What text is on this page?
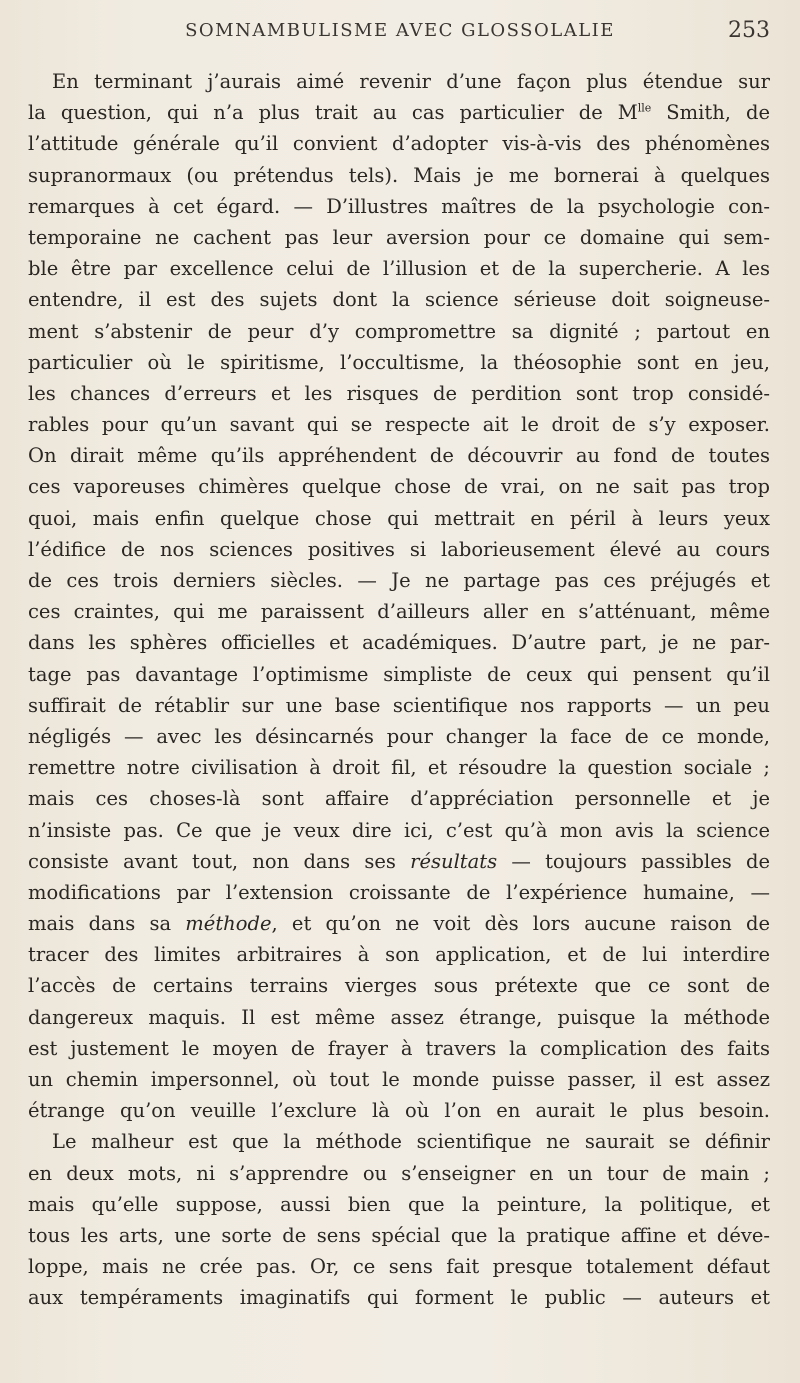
SOMNAMBULISME AVEC GLOSSOLALIE	253
En terminant j’aurais aimé revenir d’une façon plus étendue sur
la question, qui n’a plus trait au cas particulier de $M^{lle}$ Smith, de
l’attitude générale qu’il convient d’adopter vis-à-vis des phénomènes
supranormaux (ou prétendus tels). Mais je me bornerai à quelques
remarques à cet égard. — D’illustres maîtres de la psychologie con-
temporaine ne cachent pas leur aversion pour ce domaine qui sem-
ble être par excellence celui de l’illusion et de la supercherie. A les
entendre, il est des sujets dont la science sérieuse doit soigneuse-
ment s’abstenir de peur d’y compromettre sa dignité ; partout en
particulier où le spiritisme, l’occultisme, la théosophie sont en jeu,
les chances d’erreurs et les risques de perdition sont trop considé-
rables pour qu’un savant qui se respecte ait le droit de s’y exposer.
On dirait même qu’ils appréhendent de découvrir au fond de toutes
ces vaporeuses chimères quelque chose de vrai, on ne sait pas trop
quoi, mais enfin quelque chose qui mettrait en péril à leurs yeux
l’édifice de nos sciences positives si laborieusement élevé au cours
de ces trois derniers siècles. — Je ne partage pas ces préjugés et
ces craintes, qui me paraissent d’ailleurs aller en s’atténuant, même
dans les sphères officielles et académiques. D’autre part, je ne par-
tage pas davantage l’optimisme simpliste de ceux qui pensent qu’il
suffirait de rétablir sur une base scientifique nos rapports — un peu
négligés — avec les désincarnés pour changer la face de ce monde,
remettre notre civilisation à droit fil, et résoudre la question sociale ;
mais ces choses-là sont affaire d’appréciation personnelle et je
n’insiste pas. Ce que je veux dire ici, c’est qu’à mon avis la science
consiste avant tout, non dans ses résultats — toujours passibles de
modifications par l’extension croissante de l’expérience humaine, —
mais dans sa méthode, et qu’on ne voit dès lors aucune raison de
tracer des limites arbitraires à son application, et de lui interdire
l’accès de certains terrains vierges sous prétexte que ce sont de
dangereux maquis. Il est même assez étrange, puisque la méthode
est justement le moyen de frayer à travers la complication des faits
un chemin impersonnel, où tout le monde puisse passer, il est assez
étrange qu’on veuille l’exclure là où l’on en aurait le plus besoin.
Le malheur est que la méthode scientifique ne saurait se définir
en deux mots, ni s’apprendre ou s’enseigner en un tour de main ;
mais qu’elle suppose, aussi bien que la peinture, la politique, et
tous les arts, une sorte de sens spécial que la pratique affine et déve-
loppe, mais ne crée pas. Or, ce sens fait presque totalement défaut
aux tempéraments imaginatifs qui forment le public — auteurs et
